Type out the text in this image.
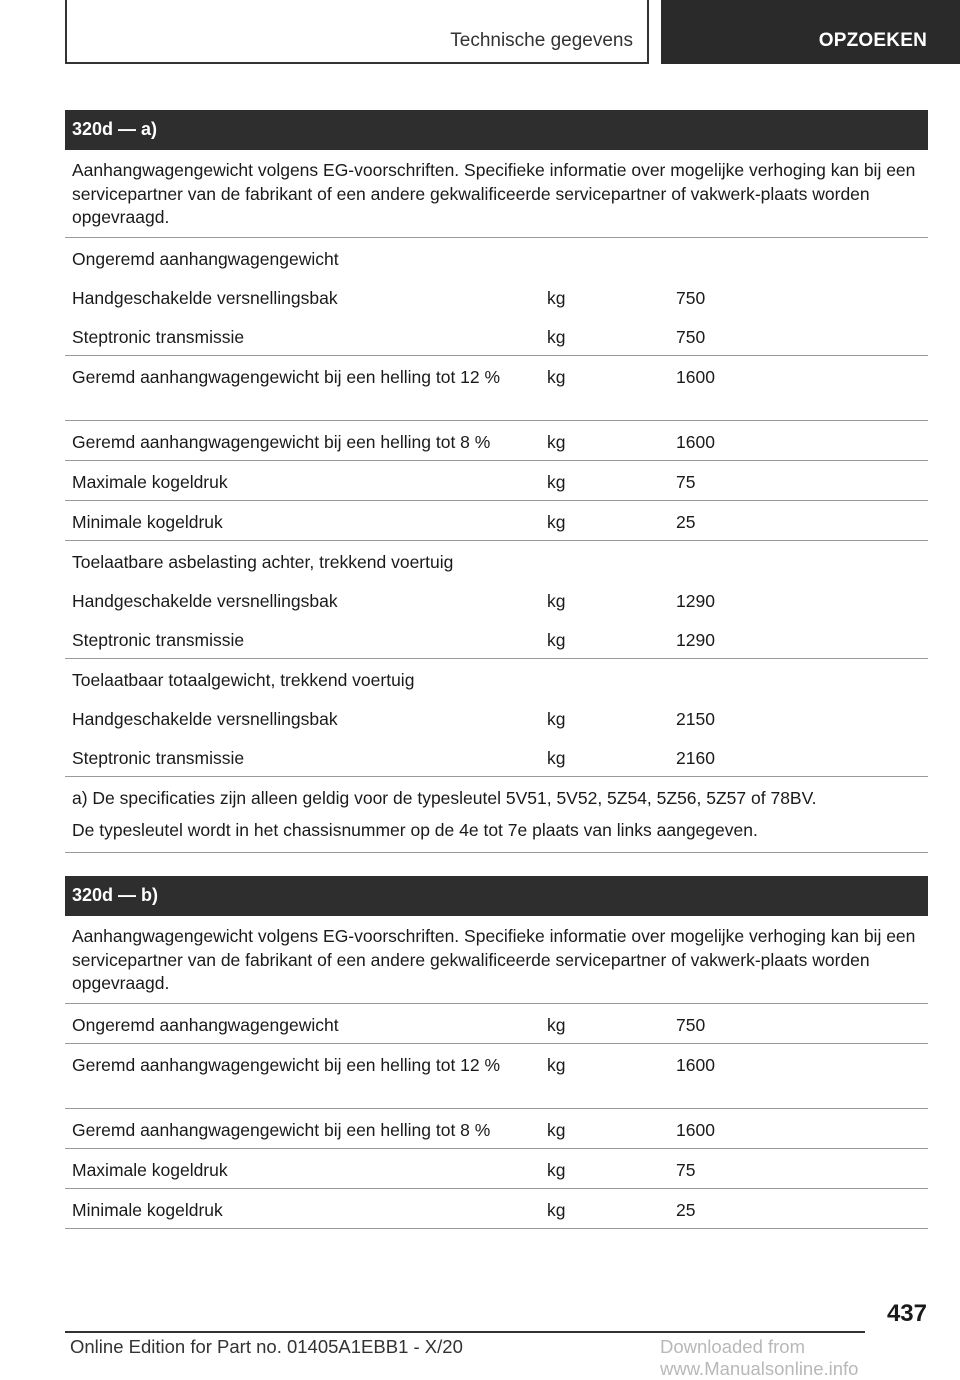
Technische gegevens	OPZOEKEN
320d — a)
Aanhangwagengewicht volgens EG-voorschriften. Specifieke informatie over mogelijke verhoging kan bij een servicepartner van de fabrikant of een andere gekwalificeerde servicepartner of vakwerk-plaats worden opgevraagd.
Ongeremd aanhangwagengewicht
Handgeschakelde versnellingsbak	kg	750
Steptronic transmissie	kg	750
Geremd aanhangwagengewicht bij een helling tot 12 %	kg	1600
Geremd aanhangwagengewicht bij een helling tot 8 %	kg	1600
Maximale kogeldruk	kg	75
Minimale kogeldruk	kg	25
Toelaatbare asbelasting achter, trekkend voertuig
Handgeschakelde versnellingsbak	kg	1290
Steptronic transmissie	kg	1290
Toelaatbaar totaalgewicht, trekkend voertuig
Handgeschakelde versnellingsbak	kg	2150
Steptronic transmissie	kg	2160
a) De specificaties zijn alleen geldig voor de typesleutel 5V51, 5V52, 5Z54, 5Z56, 5Z57 of 78BV.
De typesleutel wordt in het chassisnummer op de 4e tot 7e plaats van links aangegeven.
320d — b)
Aanhangwagengewicht volgens EG-voorschriften. Specifieke informatie over mogelijke verhoging kan bij een servicepartner van de fabrikant of een andere gekwalificeerde servicepartner of vakwerk-plaats worden opgevraagd.
Ongeremd aanhangwagengewicht	kg	750
Geremd aanhangwagengewicht bij een helling tot 12 %	kg	1600
Geremd aanhangwagengewicht bij een helling tot 8 %	kg	1600
Maximale kogeldruk	kg	75
Minimale kogeldruk	kg	25
437
Online Edition for Part no. 01405A1EBB1 - X/20	Downloaded from www.Manualsonline.info
